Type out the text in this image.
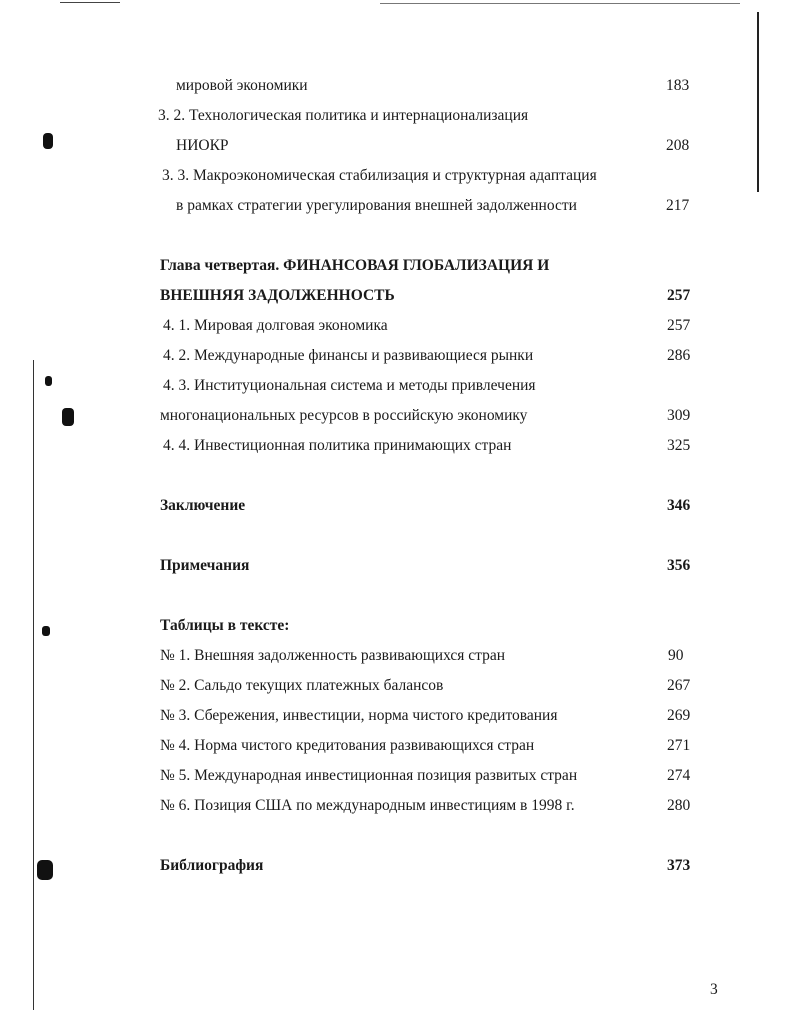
мировой экономики	183
3. 2. Технологическая политика и интернационализация
НИОКР	208
3. 3. Макроэкономическая стабилизация и структурная адаптация
в рамках стратегии урегулирования внешней задолженности	217
Глава четвертая. ФИНАНСОВАЯ ГЛОБАЛИЗАЦИЯ И
ВНЕШНЯЯ ЗАДОЛЖЕННОСТЬ	257
4. 1. Мировая долговая экономика	257
4. 2. Международные финансы и развивающиеся рынки	286
4. 3. Институциональная система и методы привлечения
многонациональных ресурсов в российскую экономику	309
4. 4. Инвестиционная политика принимающих стран	325
Заключение	346
Примечания	356
Таблицы в тексте:
№ 1. Внешняя задолженность развивающихся стран	90
№ 2. Сальдо текущих платежных балансов	267
№ 3. Сбережения, инвестиции, норма чистого кредитования	269
№ 4. Норма чистого кредитования развивающихся стран	271
№ 5. Международная инвестиционная позиция развитых стран	274
№ 6. Позиция США по международным инвестициям в 1998 г.	280
Библиография	373
3
